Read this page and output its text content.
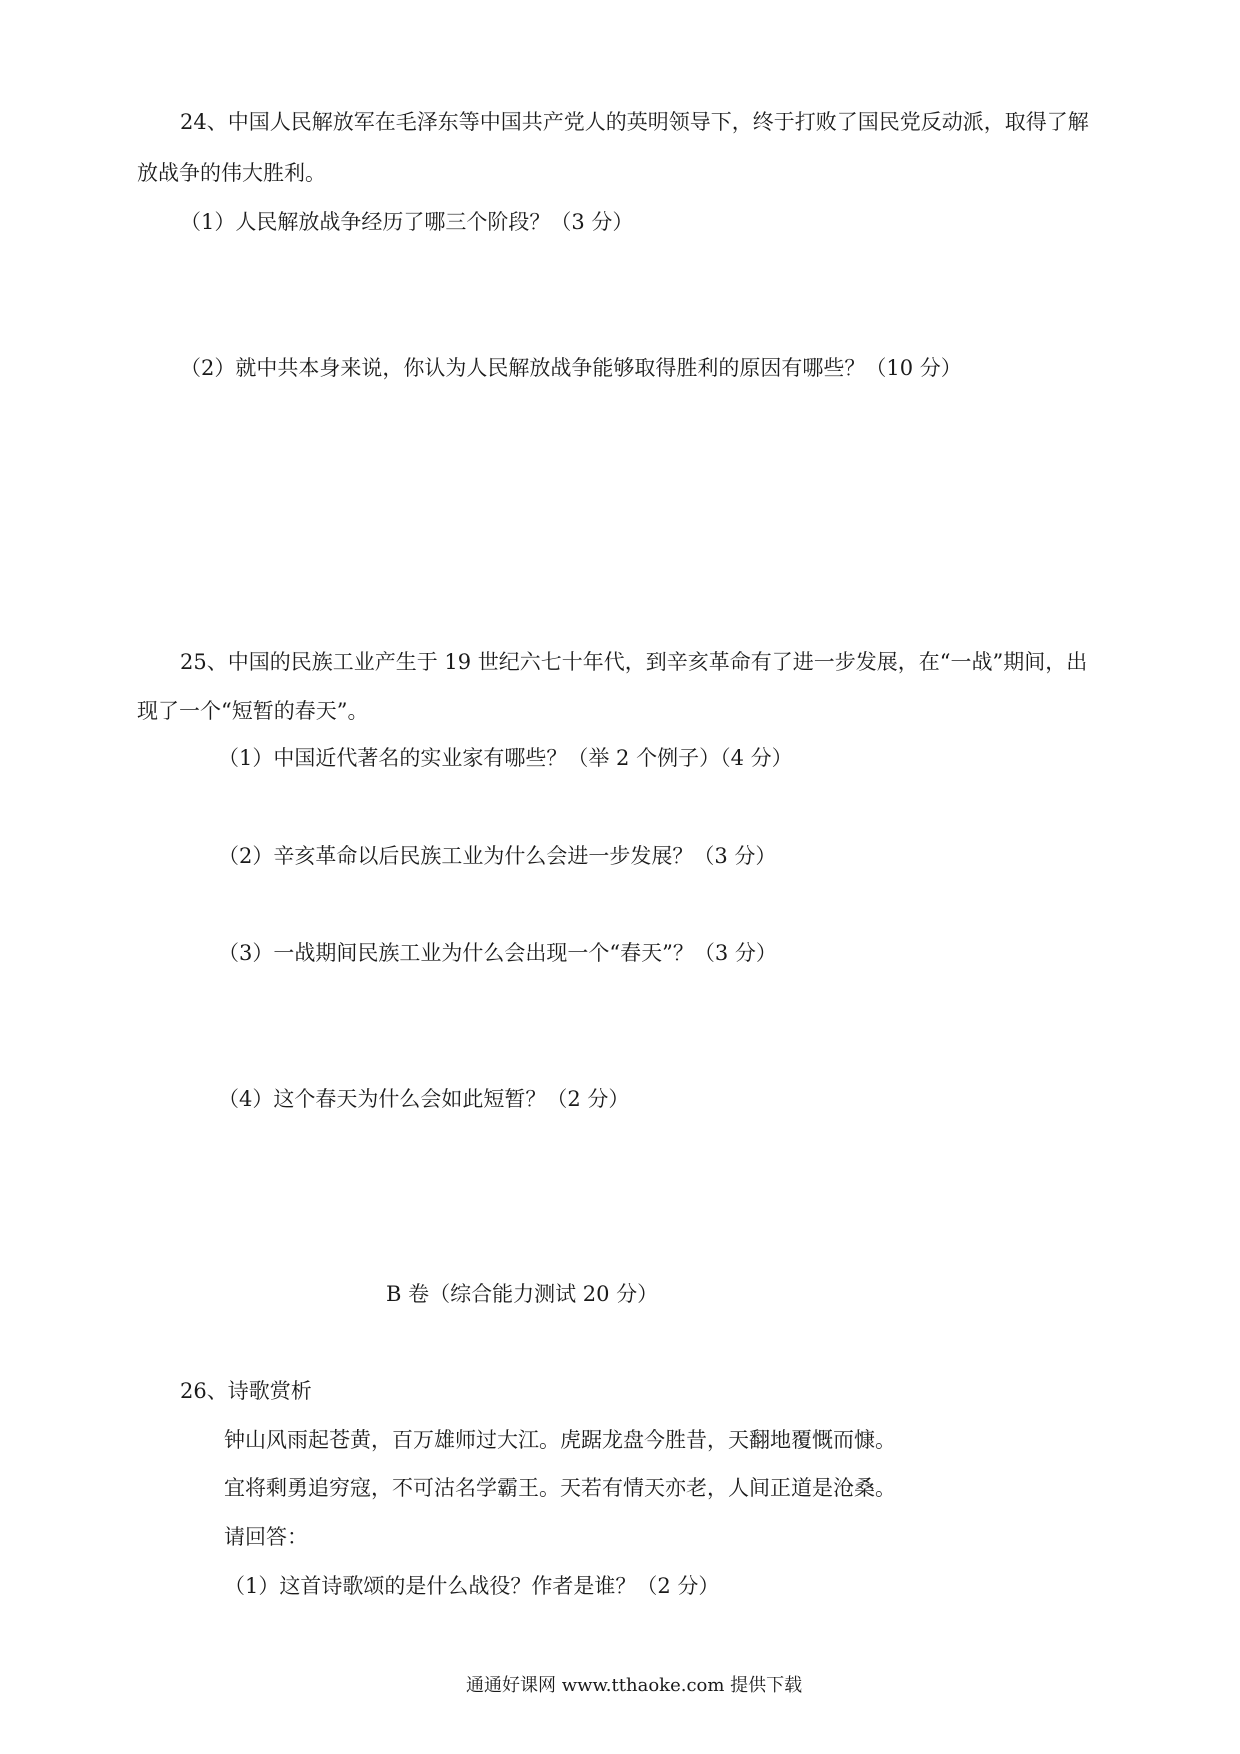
24、中国人民解放军在毛泽东等中国共产党人的英明领导下，终于打败了国民党反动派，取得了解
放战争的伟大胜利。
（1）人民解放战争经历了哪三个阶段？（3 分）
（2）就中共本身来说，你认为人民解放战争能够取得胜利的原因有哪些？（10 分）
25、中国的民族工业产生于 19 世纪六七十年代，到辛亥革命有了进一步发展，在“一战”期间，出
现了一个“短暂的春天”。
（1）中国近代著名的实业家有哪些？（举 2 个例子）（4 分）
（2）辛亥革命以后民族工业为什么会进一步发展？（3 分）
（3）一战期间民族工业为什么会出现一个“春天”？（3 分）
（4）这个春天为什么会如此短暂？（2 分）
B 卷（综合能力测试 20 分）
26、诗歌赏析
钟山风雨起苍黄，百万雄师过大江。虎踞龙盘今胜昔，天翻地覆慨而慷。
宜将剩勇追穷寇，不可沽名学霸王。天若有情天亦老，人间正道是沧桑。
请回答：
（1）这首诗歌颂的是什么战役？作者是谁？（2 分）
通通好课网 www.tthaoke.com 提供下载
